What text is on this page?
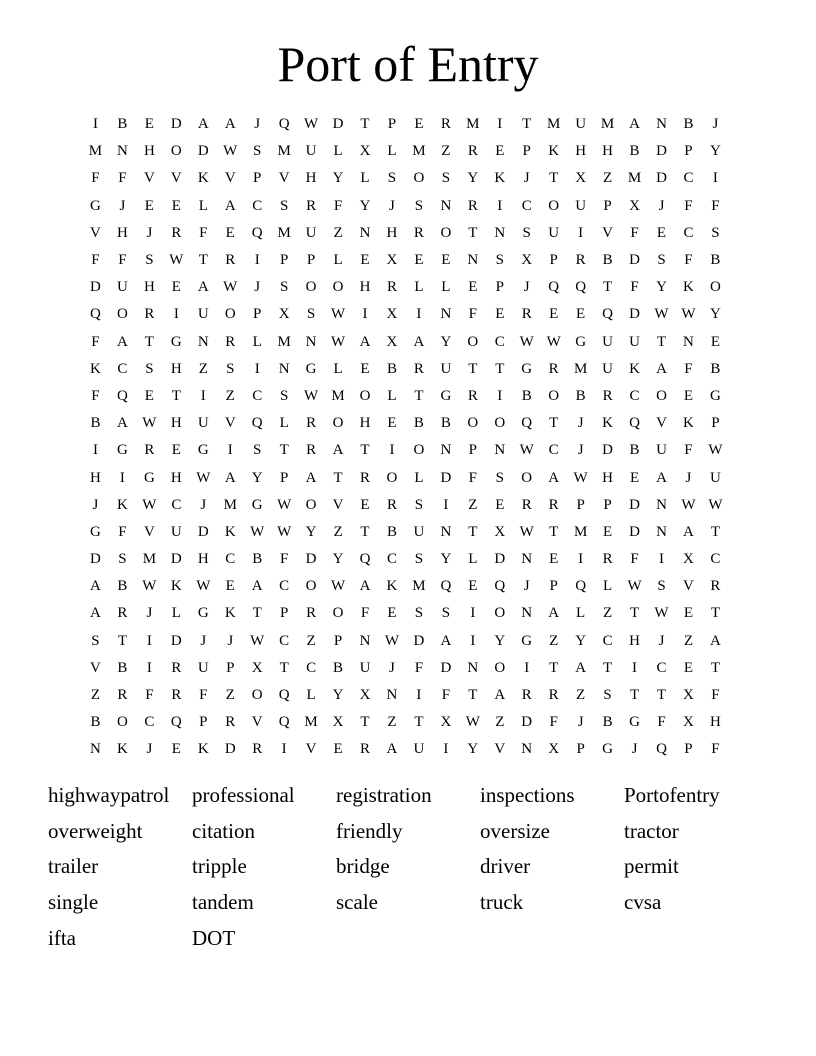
Port of Entry
I	B	E	D	A	A	J	Q W D	T	P	E	R	M	I	T	M U M A	N	B	J
M N	H	O	D W	S	M U	L	X	L	M	Z	R	E	P	K	H	H	B	D	P	Y
F	F	V	V	K	V	P	V	H	Y	L	S	O	S	Y	K	J	T	X	Z	M D	C	I
G	J	E	E	L	A	C	S	R	F	Y	J	S	N	R	I	C	O	U	P	X	J	F	F
V	H	J	R	F	E	Q M U	Z	N	H	R	O	T	N	S	U	I	V	F	E	C	S
F	F	S	W	T	R	I	P	P	L	E	X	E	E	N	S	X	P	R	B	D	S	F	B
D	U	H	E	A W	J	S	O	O	H	R	L	L	E	P	J	Q	Q	T	F	Y	K	O
Q	O	R	I	U	O	P	X	S	W	I	X	I	N	F	E	R	E	E	Q	D W W Y
F	A	T	G	N	R	L	M N W A	X	A	Y	O	C W W G	U	U	T	N	E
K	C	S	H	Z	S	I	N	G	L	E	B	R	U	T	T	G	R	M U	K	A	F	B
F	Q	E	T	I	Z	C	S	W M O	L	T	G	R	I	B	O	B	R	C	O	E	G
B	A W H	U	V	Q	L	R	O	H	E	B	B	O	O	Q	T	J	K	Q	V	K	P
I	G	R	E	G	I	S	T	R	A	T	I	O	N	P	N W C	J	D	B	U	F	W
H	I	G	H W A	Y	P	A	T	R	O	L	D	F	S	O	A W H	E	A	J	U
J	K W C	J	M G W O	V	E	R	S	I	Z	E	R	R	P	P	D	N W W
G	F	V	U	D	K W W Y	Z	T	B	U	N	T	X W	T	M	E	D	N	A	T
D	S	M D	H	C	B	F	D	Y	Q	C	S	Y	L	D	N	E	I	R	F	I	X	C
A	B W K W	E	A	C	O W A	K M Q	E	Q	J	P	Q	L	W	S	V	R
A	R	J	L	G	K	T	P	R	O	F	E	S	S	I	O	N	A	L	Z	T	W	E	T
S	T	I	D	J	J	W C	Z	P	N W D	A	I	Y	G	Z	Y	C	H	J	Z	A
V	B	I	R	U	P	X	T	C	B	U	J	F	D	N	O	I	T	A	T	I	C	E	T
Z	R	F	R	F	Z	O	Q	L	Y	X	N	I	F	T	A	R	R	Z	S	T	T	X	F
B	O	C	Q	P	R	V	Q M X	T	Z	T	X W	Z	D	F	J	B	G	F	X	H
N	K	J	E	K	D	R	I	V	E	R	A	U	I	Y	V	N	X	P	G	J	Q	P	F
highwaypatrol	professional	registration	inspections	Portofentry
overweight	citation	friendly	oversize	tractor
trailer	tripple	bridge	driver	permit
single	tandem	scale	truck	cvsa
ifta	DOT
